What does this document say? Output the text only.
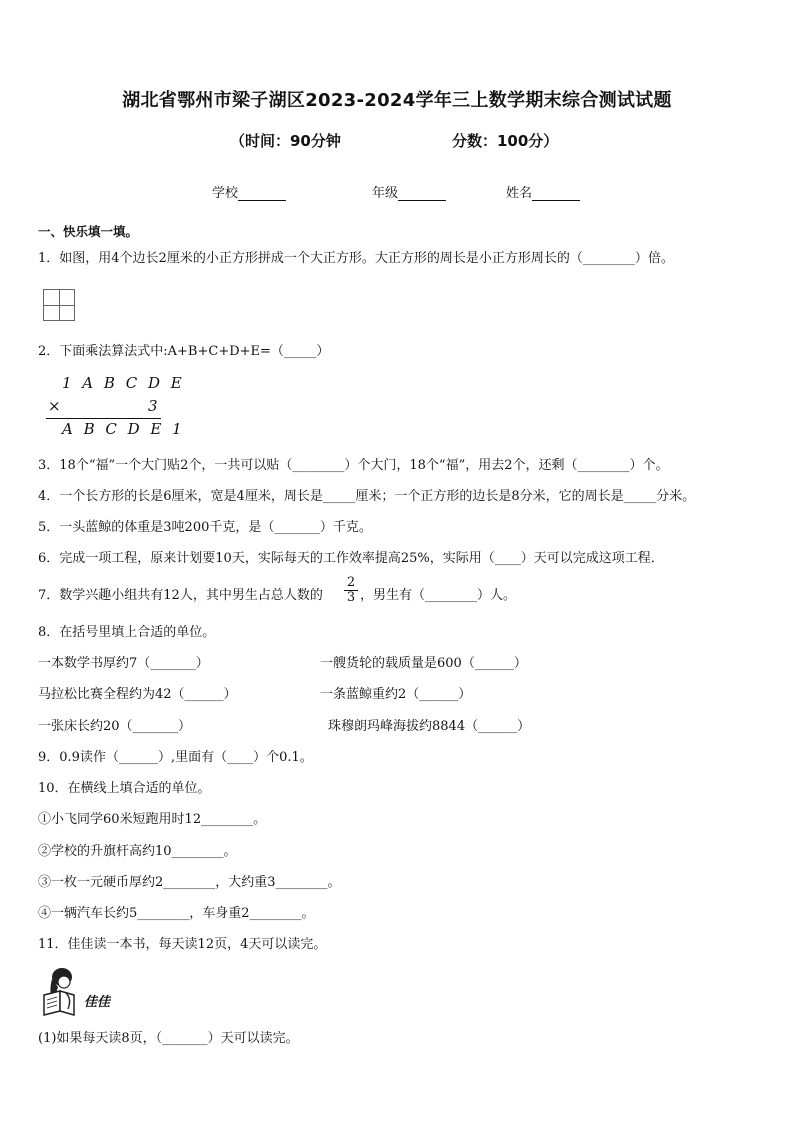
湖北省鄂州市梁子湖区2023-2024学年三上数学期末综合测试试题
（时间：90分钟	分数：100分）
学校	年级	姓名
一、快乐填一填。
1．如图，用4个边长2厘米的小正方形拼成一个大正方形。大正方形的周长是小正方形周长的（________）倍。
2．下面乘法算法式中:A+B+C+D+E=（_____）
1 A B C D E
×	3
A B C D E 1
3．18个“福”一个大门贴2个，一共可以贴（________）个大门，18个“福”，用去2个，还剩（________）个。
4．一个长方形的长是6厘米，宽是4厘米，周长是_____厘米；一个正方形的边长是8分米，它的周长是_____分米。
5．一头蓝鲸的体重是3吨200千克，是（_______）千克。
6．完成一项工程，原来计划要10天，实际每天的工作效率提高25%，实际用（____）天可以完成这项工程．
7．数学兴趣小组共有12人，其中男生占总人数的 $\frac{2}{3}$ ，男生有（________）人。
8．在括号里填上合适的单位。
一本数学书厚约7（_______）	一艘货轮的载质量是600（______）
马拉松比赛全程约为42（______）	一条蓝鲸重约2（______）
一张床长约20（_______）	珠穆朗玛峰海拔约8844（______）
9．0.9读作（______）,里面有（____）个0.1。
10．在横线上填合适的单位。
①小飞同学60米短跑用时12________。
②学校的升旗杆高约10________。
③一枚一元硬币厚约2________，大约重3________。
④一辆汽车长约5________，车身重2________。
11．佳佳读一本书，每天读12页，4天可以读完。
佳佳
(1)如果每天读8页，（_______）天可以读完。
